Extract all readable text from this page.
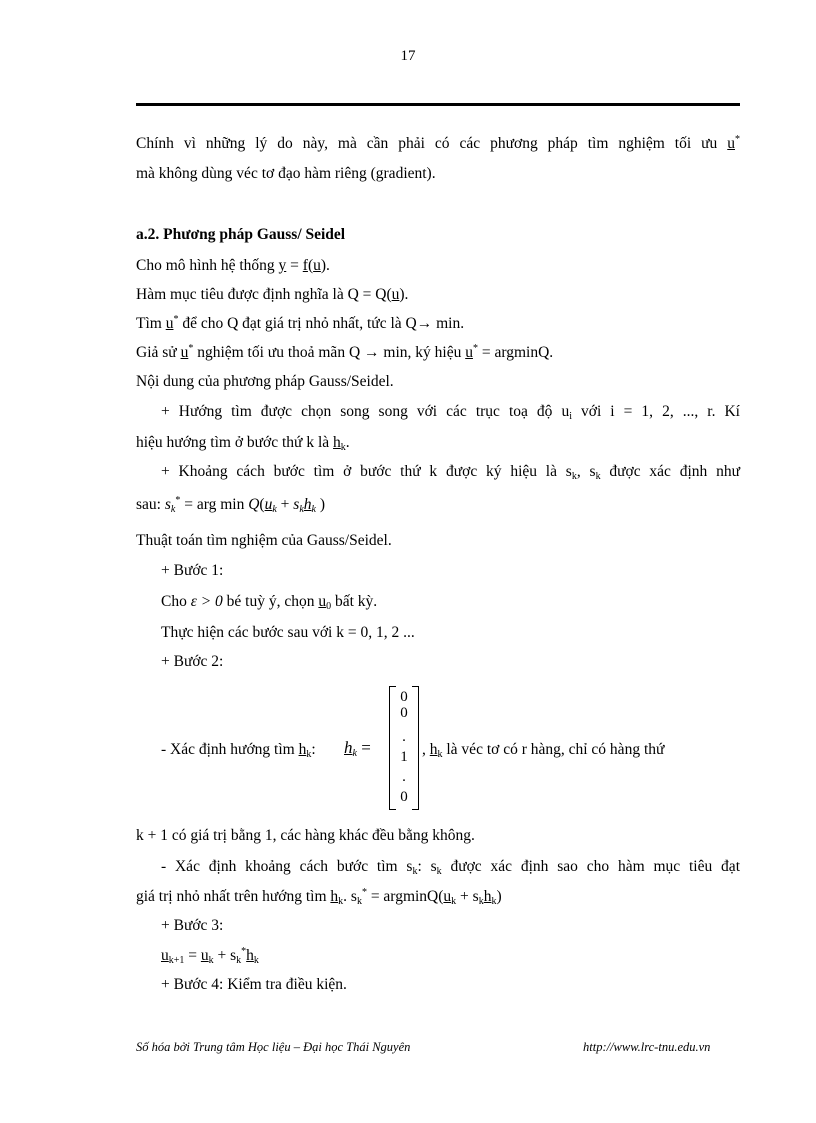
17
Chính vì những lý do này, mà cần phải có các phương pháp tìm nghiệm tối ưu u*
mà không dùng véc tơ đạo hàm riêng (gradient).
a.2. Phương pháp Gauss/ Seidel
Cho mô hình hệ thống y = f(u).
Hàm mục tiêu được định nghĩa là Q = Q(u).
Tìm u* để cho Q đạt giá trị nhỏ nhất, tức là Q→ min.
Giả sử u* nghiệm tối ưu thoả mãn Q → min, ký hiệu u* = argminQ.
Nội dung của phương pháp Gauss/Seidel.
+ Hướng tìm được chọn song song với các trục toạ độ $u_i$ với i = 1, 2, ..., r. Kí
hiệu hướng tìm ở bước thứ k là $h_k$.
+ Khoảng cách bước tìm ở bước thứ k được ký hiệu là $s_k$, $s_k$ được xác định như
sau: $s_k^*$ = arg $\min Q(u_k + s_kh_k$ )
Thuật toán tìm nghiệm của Gauss/Seidel.
+ Bước 1:
Cho ε > 0 bé tuỳ ý, chọn $u_0$ bất kỳ.
Thực hiện các bước sau với k = 0, 1, 2 ...
+ Bước 2:
- Xác định hướng tìm $h_k$: $h_k$ =
0
0
.
1
.
0
, $h_k$ là véc tơ có r hàng, chỉ có hàng thứ
k + 1 có giá trị bằng 1, các hàng khác đều bằng không.
- Xác định khoảng cách bước tìm $s_k$: $s_k$ được xác định sao cho hàm mục tiêu đạt
giá trị nhỏ nhất trên hướng tìm $h_k$. $s_k^* = argminQ(u_k + s_kh_k)$
+ Bước 3:
$u_{k+1} = u_k + s_k^*h_k$
+ Bước 4: Kiểm tra điều kiện.
Số hóa bởi Trung tâm Học liệu – Đại học Thái Nguyên	http://www.lrc-tnu.edu.vn
